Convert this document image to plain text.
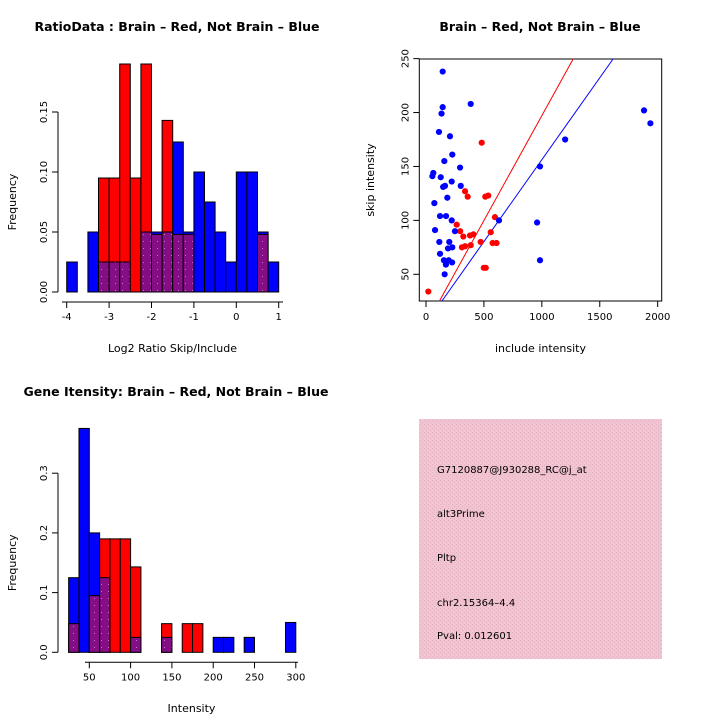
RatioData : Brain – Red, Not Brain – Blue
Log2 Ratio Skip/Include
Frequency
-4	-3	-2	-1	0	1
0.00
0.05
0.10
0.15
Brain – Red, Not Brain – Blue
include intensity
skip intensity
0	500	1000	1500	2000
50
100
150
200
250
Gene Itensity: Brain – Red, Not Brain – Blue
Intensity
Frequency
50	100 150 200 250 300
0.0
0.1
0.2
0.3	G7120887@J930288_RC@j_at
alt3Prime
Pltp
chr2.15364–4.4
Pval: 0.012601
